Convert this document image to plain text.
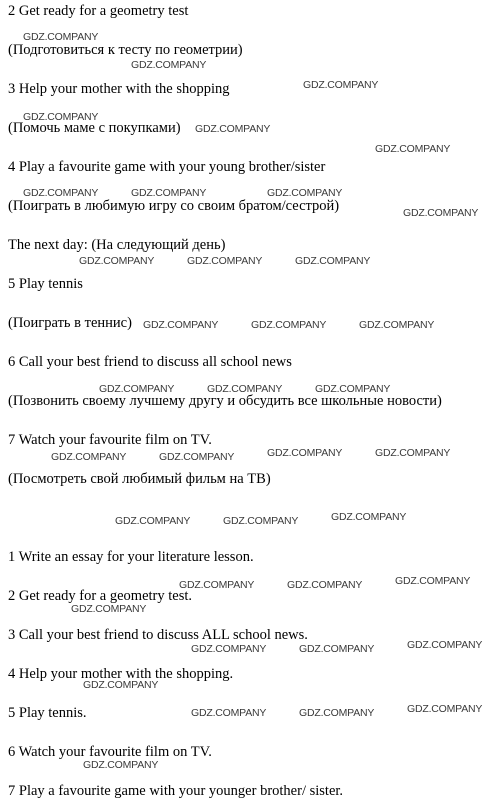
2 Get ready for a geometry test
(Подготовиться к тесту по геометрии)
3 Help your mother with the shopping
(Помочь маме с покупками)
4 Play a favourite game with your young brother/sister
(Поиграть в любимую игру со своим братом/сестрой)
The next day: (На следующий день)
5 Play tennis
(Поиграть в теннис)
6 Call your best friend to discuss all school news
(Позвонить своему лучшему другу и обсудить все школьные новости)
7 Watch your favourite film on TV.
(Посмотреть свой любимый фильм на ТВ)
1 Write an essay for your literature lesson.
2 Get ready for a geometry test.
3 Call your best friend to discuss ALL school news.
4 Help your mother with the shopping.
5 Play tennis.
6 Watch your favourite film on TV.
7 Play a favourite game with your younger brother/ sister.
GDZ.COMPANY
GDZ.COMPANY
GDZ.COMPANY
GDZ.COMPANY
GDZ.COMPANY
GDZ.COMPANY
GDZ.COMPANY	GDZ.COMPANY	GDZ.COMPANY
GDZ.COMPANY
GDZ.COMPANY	GDZ.COMPANY	GDZ.COMPANY
GDZ.COMPANY	GDZ.COMPANY	GDZ.COMPANY
GDZ.COMPANY	GDZ.COMPANY	GDZ.COMPANY
GDZ.COMPANY	GDZ.COMPANY
GDZ.COMPANY	GDZ.COMPANY
GDZ.COMPANY	GDZ.COMPANY	GDZ.COMPANY
GDZ.COMPANY	GDZ.COMPANY	GDZ.COMPANY
GDZ.COMPANY
GDZ.COMPANY	GDZ.COMPANY	GDZ.COMPANY
GDZ.COMPANY
GDZ.COMPANY	GDZ.COMPANY	GDZ.COMPANY
GDZ.COMPANY
